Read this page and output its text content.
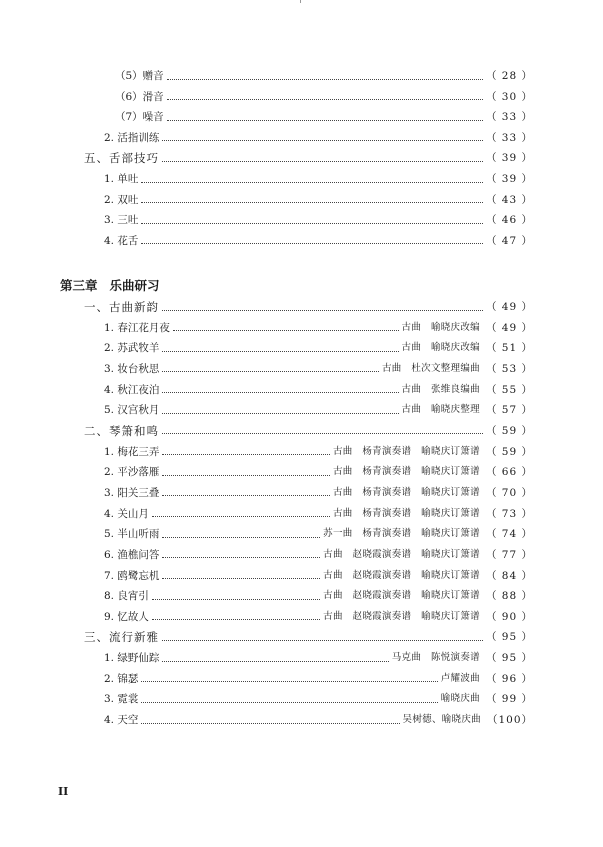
（5）赠音	（ 28 ）
（6）滑音	（ 30 ）
（7）噪音	（ 33 ）
2. 活指训练	（ 33 ）
五、舌部技巧	（ 39 ）
1. 单吐	（ 39 ）
2. 双吐	（ 43 ）
3. 三吐	（ 46 ）
4. 花舌	（ 47 ）
第三章 乐曲研习
一、古曲新韵	（ 49 ）
1. 春江花月夜	古曲　喻晓庆改编 （ 49 ）
2. 苏武牧羊	古曲　喻晓庆改编 （ 51 ）
3. 妆台秋思	古曲　杜次文整理编曲 （ 53 ）
4. 秋江夜泊	古曲　张维良编曲 （ 55 ）
5. 汉宫秋月	古曲　喻晓庆整理 （ 57 ）
二、琴箫和鸣	（ 59 ）
1. 梅花三弄	古曲　杨青演奏谱　喻晓庆订箫谱 （ 59 ）
2. 平沙落雁	古曲　杨青演奏谱　喻晓庆订箫谱 （ 66 ）
3. 阳关三叠	古曲　杨青演奏谱　喻晓庆订箫谱 （ 70 ）
4. 关山月	古曲　杨青演奏谱　喻晓庆订箫谱 （ 73 ）
5. 半山听雨	苏一曲　杨青演奏谱　喻晓庆订箫谱 （ 74 ）
6. 渔樵问答	古曲　赵晓霞演奏谱　喻晓庆订箫谱 （ 77 ）
7. 鸥鹭忘机	古曲　赵晓霞演奏谱　喻晓庆订箫谱 （ 84 ）
8. 良宵引	古曲　赵晓霞演奏谱　喻晓庆订箫谱 （ 88 ）
9. 忆故人	古曲　赵晓霞演奏谱　喻晓庆订箫谱 （ 90 ）
三、流行新雅	（ 95 ）
1. 绿野仙踪	马克曲　陈悦演奏谱 （ 95 ）
2. 锦瑟	卢耀波曲 （ 96 ）
3. 霓裳	喻晓庆曲 （ 99 ）
4. 天空	吴树德、喻晓庆曲 （100）
II
